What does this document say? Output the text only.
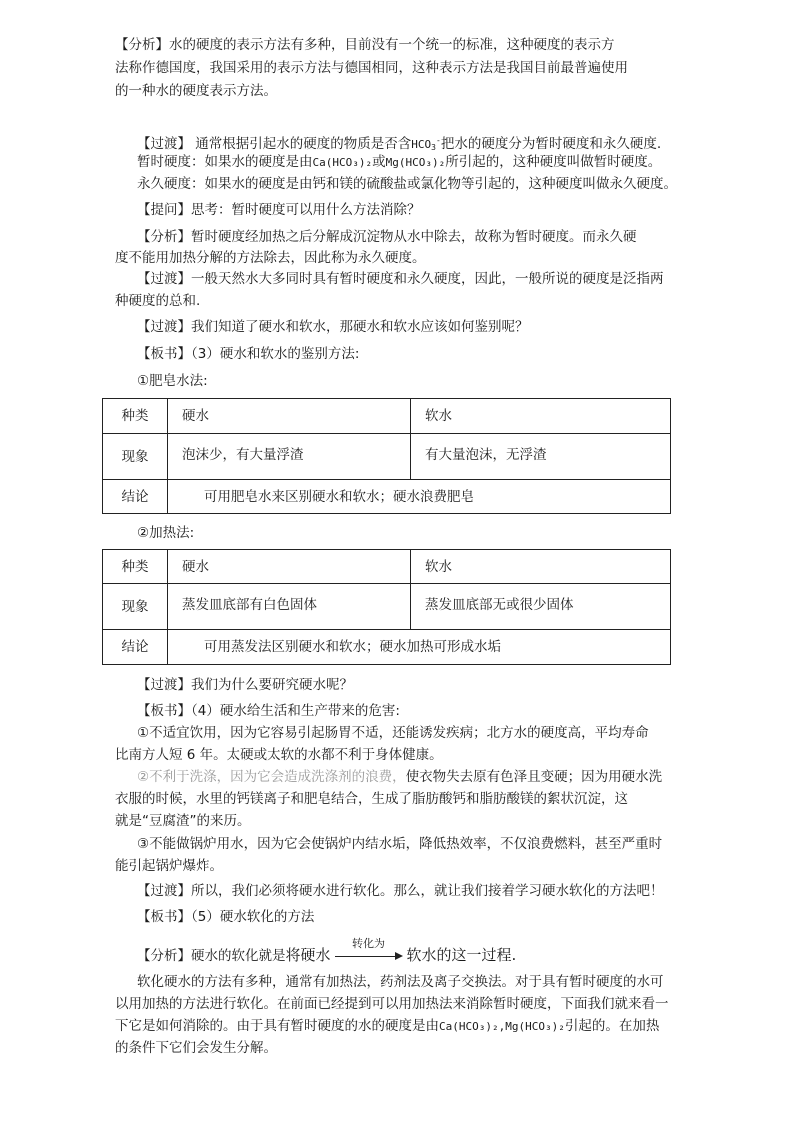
【分析】水的硬度的表示方法有多种，目前没有一个统一的标准，这种硬度的表示方
法称作德国度，我国采用的表示方法与德国相同，这种表示方法是我国目前最普遍使用
的一种水的硬度表示方法。
【过渡】 通常根据引起水的硬度的物质是否含HCO3-把水的硬度分为暂时硬度和永久硬度.
暂时硬度：如果水的硬度是由Ca(HCO₃)₂或Mg(HCO₃)₂所引起的，这种硬度叫做暂时硬度。
永久硬度：如果水的硬度是由钙和镁的硫酸盐或氯化物等引起的，这种硬度叫做永久硬度。
【提问】思考：暂时硬度可以用什么方法消除？
【分析】暂时硬度经加热之后分解成沉淀物从水中除去，故称为暂时硬度。而永久硬
度不能用加热分解的方法除去，因此称为永久硬度。
【过渡】一般天然水大多同时具有暂时硬度和永久硬度，因此，一般所说的硬度是泛指两
种硬度的总和.
【过渡】我们知道了硬水和软水，那硬水和软水应该如何鉴别呢？
【板书】（3）硬水和软水的鉴别方法:
①肥皂水法:
种类	硬水	软水
现象	泡沫少，有大量浮渣	有大量泡沫，无浮渣
结论	可用肥皂水来区别硬水和软水；硬水浪费肥皂	
②加热法:
种类	硬水	软水
现象	蒸发皿底部有白色固体	蒸发皿底部无或很少固体
结论	可用蒸发法区别硬水和软水；硬水加热可形成水垢	
【过渡】我们为什么要研究硬水呢？
【板书】（4）硬水给生活和生产带来的危害:
①不适宜饮用，因为它容易引起肠胃不适，还能诱发疾病；北方水的硬度高，平均寿命
比南方人短 6 年。太硬或太软的水都不利于身体健康。
②不利于洗涤，因为它会造成洗涤剂的浪费，使衣物失去原有色泽且变硬；因为用硬水洗
衣服的时候，水里的钙镁离子和肥皂结合，生成了脂肪酸钙和脂肪酸镁的絮状沉淀，这
就是“豆腐渣”的来历。
③不能做锅炉用水，因为它会使锅炉内结水垢，降低热效率，不仅浪费燃料，甚至严重时
能引起锅炉爆炸。
【过渡】所以，我们必须将硬水进行软化。那么，就让我们接着学习硬水软化的方法吧！
【板书】（5）硬水软化的方法
【分析】硬水的软化就是将硬水
转化为
软水的这一过程.
软化硬水的方法有多种，通常有加热法，药剂法及离子交换法。对于具有暂时硬度的水可
以用加热的方法进行软化。在前面已经提到可以用加热法来消除暂时硬度，下面我们就来看一
下它是如何消除的。由于具有暂时硬度的水的硬度是由Ca(HCO₃)₂,Mg(HCO₃)₂引起的。在加热
的条件下它们会发生分解。
